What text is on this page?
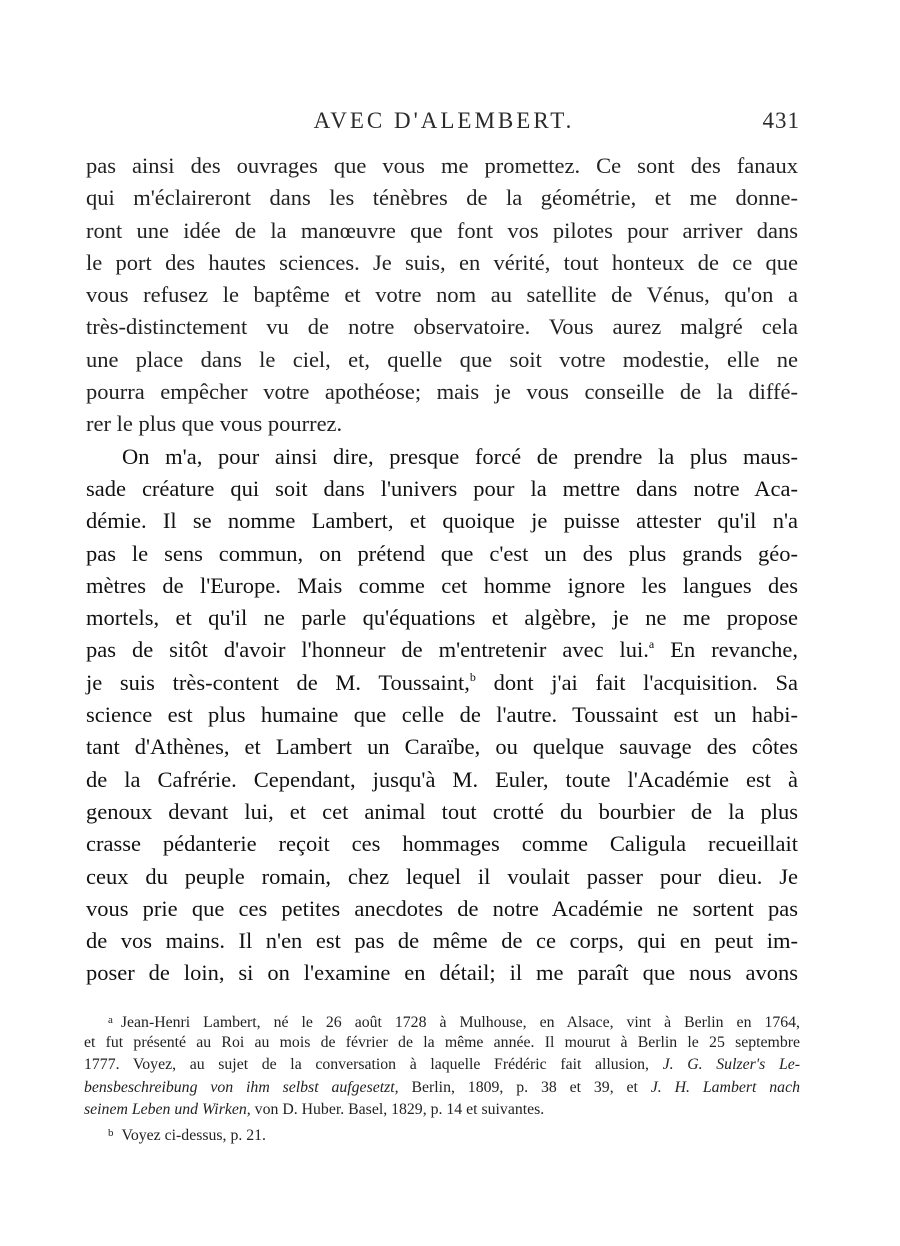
AVEC D'ALEMBERT.	431
pas ainsi des ouvrages que vous me promettez. Ce sont des fanaux
qui m'éclaireront dans les ténèbres de la géométrie, et me donne-
ront une idée de la manœuvre que font vos pilotes pour arriver dans
le port des hautes sciences. Je suis, en vérité, tout honteux de ce que
vous refusez le baptême et votre nom au satellite de Vénus, qu'on a
très-distinctement vu de notre observatoire. Vous aurez malgré cela
une place dans le ciel, et, quelle que soit votre modestie, elle ne
pourra empêcher votre apothéose; mais je vous conseille de la diffé-
rer le plus que vous pourrez.
On m'a, pour ainsi dire, presque forcé de prendre la plus maus-
sade créature qui soit dans l'univers pour la mettre dans notre Aca-
démie. Il se nomme Lambert, et quoique je puisse attester qu'il n'a
pas le sens commun, on prétend que c'est un des plus grands géo-
mètres de l'Europe. Mais comme cet homme ignore les langues des
mortels, et qu'il ne parle qu'équations et algèbre, je ne me propose
pas de sitôt d'avoir l'honneur de m'entretenir avec lui.$^a$ En revanche,
je suis très-content de M. Toussaint,$^b$ dont j'ai fait l'acquisition. Sa
science est plus humaine que celle de l'autre. Toussaint est un habi-
tant d'Athènes, et Lambert un Caraïbe, ou quelque sauvage des côtes
de la Cafrérie. Cependant, jusqu'à M. Euler, toute l'Académie est à
genoux devant lui, et cet animal tout crotté du bourbier de la plus
crasse pédanterie reçoit ces hommages comme Caligula recueillait
ceux du peuple romain, chez lequel il voulait passer pour dieu. Je
vous prie que ces petites anecdotes de notre Académie ne sortent pas
de vos mains. Il n'en est pas de même de ce corps, qui en peut im-
poser de loin, si on l'examine en détail; il me paraît que nous avons
$^a$ Jean-Henri Lambert, né le 26 août 1728 à Mulhouse, en Alsace, vint à Berlin en 1764,
et fut présenté au Roi au mois de février de la même année. Il mourut à Berlin le 25 septembre
1777. Voyez, au sujet de la conversation à laquelle Frédéric fait allusion, J. G. Sulzer's Le-
bensbeschreibung von ihm selbst aufgesetzt, Berlin, 1809, p. 38 et 39, et J. H. Lambert nach
seinem Leben und Wirken, von D. Huber. Basel, 1829, p. 14 et suivantes.
$^b$ Voyez ci-dessus, p. 21.
